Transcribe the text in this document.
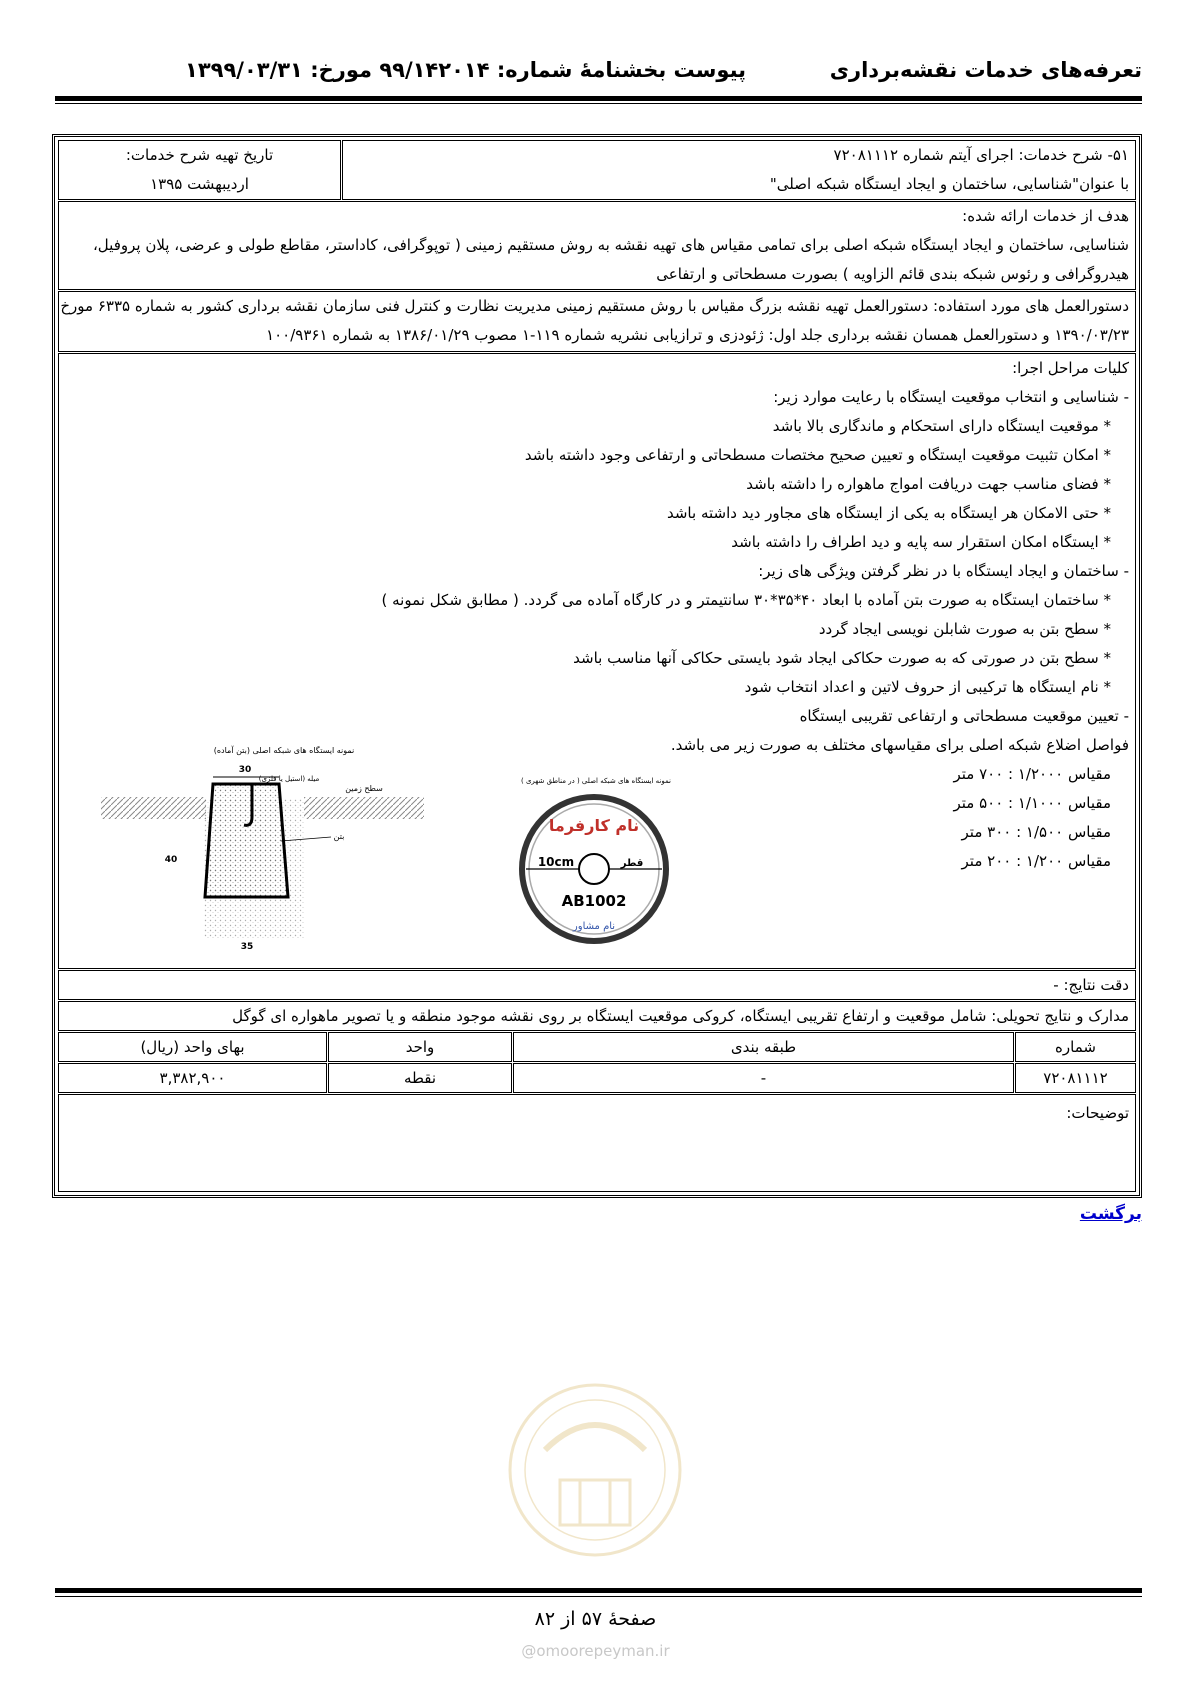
تعرفه‌های خدمات نقشه‌برداری
پیوست بخشنامهٔ شماره: ۹۹/۱۴۲۰۱۴ مورخ: ۱۳۹۹/۰۳/۳۱
۵۱- شرح خدمات: اجرای آیتم شماره ۷۲۰۸۱۱۱۲
با عنوان"شناسایی، ساختمان و ایجاد ایستگاه شبکه اصلی"
تاریخ تهیه شرح خدمات:
اردیبهشت ۱۳۹۵
هدف از خدمات ارائه شده:
شناسایی، ساختمان و ایجاد ایستگاه شبکه اصلی برای تمامی مقیاس های تهیه نقشه به روش مستقیم زمینی ( توپوگرافی، کاداستر، مقاطع طولی و عرضی، پلان پروفیل،
هیدروگرافی و رئوس شبکه بندی قائم الزاویه ) بصورت مسطحاتی و ارتفاعی
دستورالعمل های مورد استفاده: دستورالعمل تهیه نقشه بزرگ مقیاس با روش مستقیم زمینی مدیریت نظارت و کنترل فنی سازمان نقشه برداری کشور به شماره ۶۳۳۵ مورخ
۱۳۹۰/۰۳/۲۳ و دستورالعمل همسان نقشه برداری جلد اول: ژئودزی و ترازیابی نشریه شماره ۱۱۹-۱ مصوب ۱۳۸۶/۰۱/۲۹ به شماره ۱۰۰/۹۳۶۱
کلیات مراحل اجرا:
- شناسایی و انتخاب موقعیت ایستگاه با رعایت موارد زیر:
* موقعیت ایستگاه دارای استحکام و ماندگاری بالا باشد
* امکان تثبیت موقعیت ایستگاه و تعیین صحیح مختصات مسطحاتی و ارتفاعی وجود داشته باشد
* فضای مناسب جهت دریافت امواج ماهواره را داشته باشد
* حتی الامکان هر ایستگاه به یکی از ایستگاه های مجاور دید داشته باشد
* ایستگاه امکان استقرار سه پایه و دید اطراف را داشته باشد
- ساختمان و ایجاد ایستگاه با در نظر گرفتن ویژگی های زیر:
* ساختمان ایستگاه به صورت بتن آماده با ابعاد ۴۰*۳۵*۳۰ سانتیمتر و در کارگاه آماده می گردد. ( مطابق شکل نمونه )
* سطح بتن به صورت شابلن نویسی ایجاد گردد
* سطح بتن در صورتی که به صورت حکاکی ایجاد شود بایستی حکاکی آنها مناسب باشد
* نام ایستگاه ها ترکیبی از حروف لاتین و اعداد انتخاب شود
- تعیین موقعیت مسطحاتی و ارتفاعی تقریبی ایستگاه
فواصل اضلاع شبکه اصلی برای مقیاسهای مختلف به صورت زیر می باشد.
مقیاس ۱/۲۰۰۰ : ۷۰۰ متر
مقیاس ۱/۱۰۰۰ : ۵۰۰ متر
مقیاس ۱/۵۰۰ : ۳۰۰ متر
مقیاس ۱/۲۰۰ : ۲۰۰ متر
نمونه ایستگاه های شبکه اصلی (بتن آماده)
30
40
35
میله (استیل یا فلزی)
سطح زمین
بتن
نمونه ایستگاه های شبکه اصلی ( در مناطق شهری )
نام کارفرما
10cm	قطر
AB1002
نام مشاور
دقت نتایج: -
مدارک و نتایج تحویلی: شامل موقعیت و ارتفاع تقریبی ایستگاه، کروکی موقعیت ایستگاه بر روی نقشه موجود منطقه و یا تصویر ماهواره ای گوگل
شماره
طبقه بندی
واحد
بهای واحد (ریال)
۷۲۰۸۱۱۱۲
-
نقطه
۳,۳۸۲,۹۰۰
توضیحات:
برگشت
صفحهٔ ۵۷ از ۸۲
@omoorepeyman.ir
